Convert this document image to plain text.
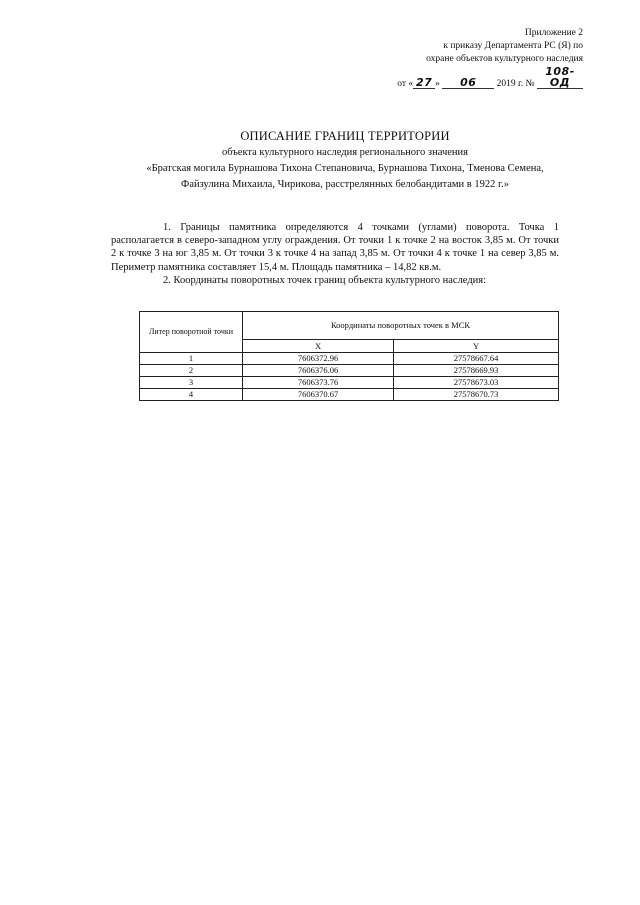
Приложение 2
к приказу Департамента РС (Я) по
охране объектов культурного наследия
от « 27 » 06 2019 г. № 108-ОД
ОПИСАНИЕ ГРАНИЦ ТЕРРИТОРИИ
объекта культурного наследия регионального значения
«Братская могила Бурнашова Тихона Степановича, Бурнашова Тихона, Тменова Семена,
Файзулина Михаила, Чирикова, расстрелянных белобандитами в 1922 г.»

1. Границы памятника определяются 4 точками (углами) поворота. Точка 1 располагается в северо-западном углу ограждения. От точки 1 к точке 2 на восток 3,85 м. От точки 2 к точке 3 на юг 3,85 м. От точки 3 к точке 4 на запад 3,85 м. От точки 4 к точке 1 на север 3,85 м. Периметр памятника составляет 15,4 м. Площадь памятника – 14,82 кв.м.

2. Координаты поворотных точек границ объекта культурного наследия:

Литер поворотной точки	Координаты поворотных точек в МСК	
	X	Y
1	7606372.96	27578667.64
2	7606376.06	27578669.93
3	7606373.76	27578673.03
4	7606370.67	27578670.73
